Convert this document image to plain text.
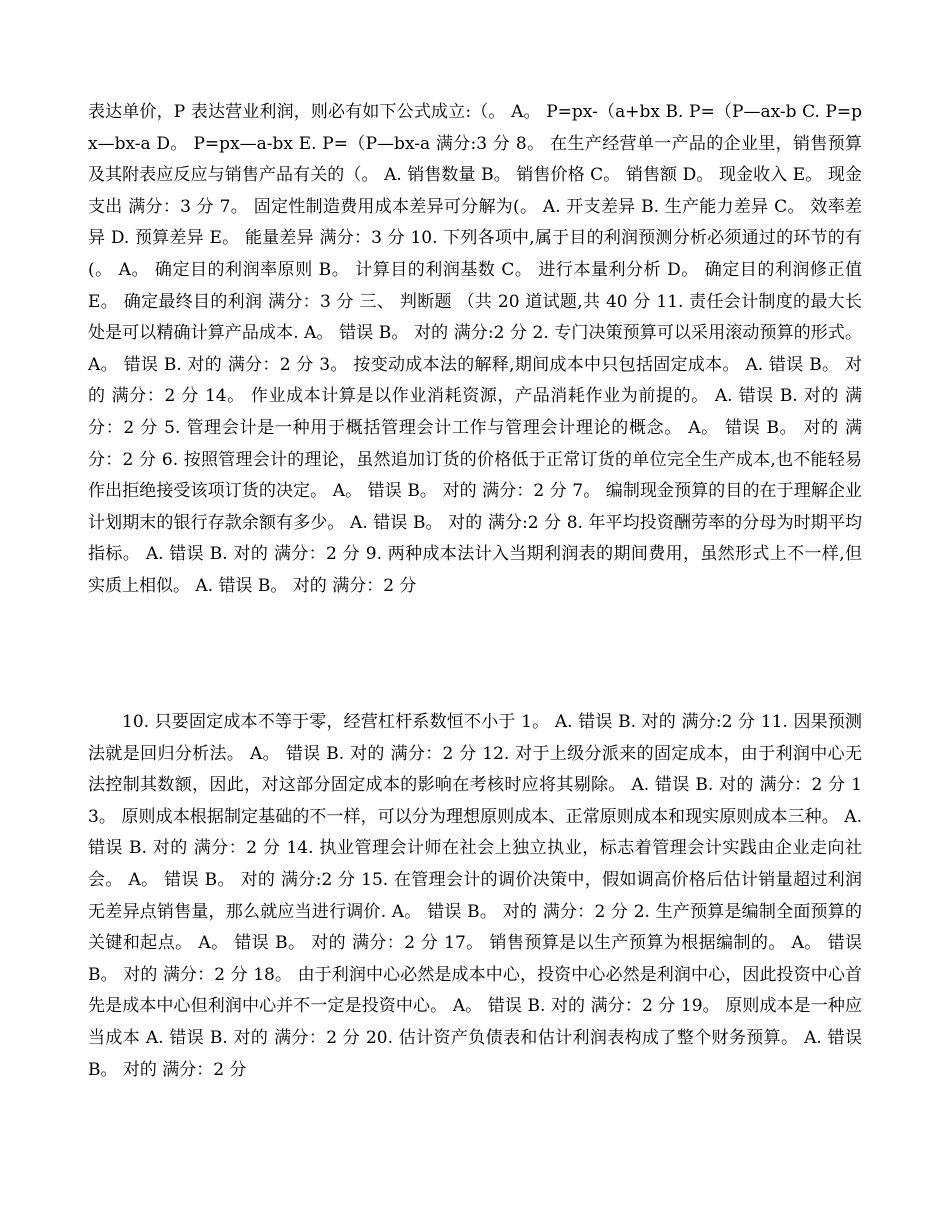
表达单价，P 表达营业利润，则必有如下公式成立:（。 A。 P=px-（a+bx B. P=（P—ax-b C. P=px—bx-a D。 P=px—a-bx E. P=（P—bx-a 满分:3 分 8。 在生产经营单一产品的企业里，销售预算及其附表应反应与销售产品有关的（。 A. 销售数量 B。 销售价格 C。 销售额 D。 现金收入 E。 现金支出 满分：3 分 7。 固定性制造费用成本差异可分解为(。 A. 开支差异 B. 生产能力差异 C。 效率差异 D. 预算差异 E。 能量差异 满分：3 分 10. 下列各项中,属于目的利润预测分析必须通过的环节的有(。 A。 确定目的利润率原则 B。 计算目的利润基数 C。 进行本量利分析 D。 确定目的利润修正值 E。 确定最终目的利润 满分：3 分 三、 判断题 （共 20 道试题,共 40 分 11. 责任会计制度的最大长处是可以精确计算产品成本. A。 错误 B。 对的 满分:2 分 2. 专门决策预算可以采用滚动预算的形式。 A。 错误 B. 对的 满分：2 分 3。 按变动成本法的解释,期间成本中只包括固定成本。 A. 错误 B。 对的 满分：2 分 14。 作业成本计算是以作业消耗资源，产品消耗作业为前提的。 A. 错误 B. 对的 满分：2 分 5. 管理会计是一种用于概括管理会计工作与管理会计理论的概念。 A。 错误 B。 对的 满分：2 分 6. 按照管理会计的理论，虽然追加订货的价格低于正常订货的单位完全生产成本,也不能轻易作出拒绝接受该项订货的决定。 A。 错误 B。 对的 满分：2 分 7。 编制现金预算的目的在于理解企业计划期末的银行存款余额有多少。 A. 错误 B。 对的 满分:2 分 8. 年平均投资酬劳率的分母为时期平均指标。 A. 错误 B. 对的 满分：2 分 9. 两种成本法计入当期利润表的期间费用，虽然形式上不一样,但实质上相似。 A. 错误 B。 对的 满分：2 分

10. 只要固定成本不等于零，经营杠杆系数恒不小于 1。 A. 错误 B. 对的 满分:2 分 11. 因果预测法就是回归分析法。 A。 错误 B. 对的 满分：2 分 12. 对于上级分派来的固定成本，由于利润中心无法控制其数额，因此，对这部分固定成本的影响在考核时应将其剔除。 A. 错误 B. 对的 满分：2 分 13。 原则成本根据制定基础的不一样，可以分为理想原则成本、正常原则成本和现实原则成本三种。 A. 错误 B. 对的 满分：2 分 14. 执业管理会计师在社会上独立执业，标志着管理会计实践由企业走向社会。 A。 错误 B。 对的 满分:2 分 15. 在管理会计的调价决策中，假如调高价格后估计销量超过利润无差异点销售量，那么就应当进行调价. A。 错误 B。 对的 满分：2 分 2. 生产预算是编制全面预算的关键和起点。 A。 错误 B。 对的 满分：2 分 17。 销售预算是以生产预算为根据编制的。 A。 错误 B。 对的 满分：2 分 18。 由于利润中心必然是成本中心，投资中心必然是利润中心，因此投资中心首先是成本中心但利润中心并不一定是投资中心。 A。 错误 B. 对的 满分：2 分 19。 原则成本是一种应当成本 A. 错误 B. 对的 满分：2 分 20. 估计资产负债表和估计利润表构成了整个财务预算。 A. 错误 B。 对的 满分：2 分
